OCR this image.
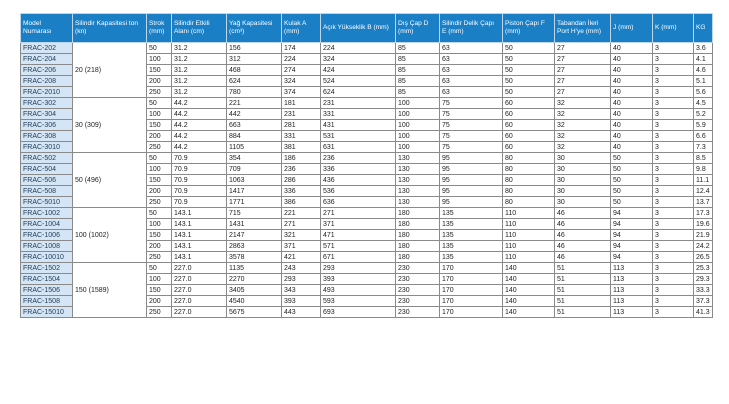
Model Numarası	Silindir Kapasitesi ton (kn)	Strok (mm)	Silindir Etkili Alanı (cm)	Yağ Kapasitesi (cm³)	Kulak A (mm)	Açık Yükseklik B (mm)	Dış Çap D (mm)	Silindir Delik Çapı E (mm)	Piston Çapı F (mm)	Tabandan İleri Port H'ye (mm)	J (mm)	K (mm)	KG
FRAC-202	20 (218)	50	31.2	156	174	224	85	63	50	27	40	3	3.6
FRAC-204		100	31.2	312	224	324	85	63	50	27	40	3	4.1
FRAC-206		150	31.2	468	274	424	85	63	50	27	40	3	4.6
FRAC-208		200	31.2	624	324	524	85	63	50	27	40	3	5.1
FRAC-2010		250	31.2	780	374	624	85	63	50	27	40	3	5.6
FRAC-302	30 (309)	50	44.2	221	181	231	100	75	60	32	40	3	4.5
FRAC-304		100	44.2	442	231	331	100	75	60	32	40	3	5.2
FRAC-306		150	44.2	663	281	431	100	75	60	32	40	3	5.9
FRAC-308		200	44.2	884	331	531	100	75	60	32	40	3	6.6
FRAC-3010		250	44.2	1105	381	631	100	75	60	32	40	3	7.3
FRAC-502	50 (496)	50	70.9	354	186	236	130	95	80	30	50	3	8.5
FRAC-504		100	70.9	709	236	336	130	95	80	30	50	3	9.8
FRAC-506		150	70.9	1063	286	436	130	95	80	30	50	3	11.1
FRAC-508		200	70.9	1417	336	536	130	95	80	30	50	3	12.4
FRAC-5010		250	70.9	1771	386	636	130	95	80	30	50	3	13.7
FRAC-1002	100 (1002)	50	143.1	715	221	271	180	135	110	46	94	3	17.3
FRAC-1004		100	143.1	1431	271	371	180	135	110	46	94	3	19.6
FRAC-1006		150	143.1	2147	321	471	180	135	110	46	94	3	21.9
FRAC-1008		200	143.1	2863	371	571	180	135	110	46	94	3	24.2
FRAC-10010		250	143.1	3578	421	671	180	135	110	46	94	3	26.5
FRAC-1502	150 (1589)	50	227.0	1135	243	293	230	170	140	51	113	3	25.3
FRAC-1504		100	227.0	2270	293	393	230	170	140	51	113	3	29.3
FRAC-1506		150	227.0	3405	343	493	230	170	140	51	113	3	33.3
FRAC-1508		200	227.0	4540	393	593	230	170	140	51	113	3	37.3
FRAC-15010		250	227.0	5675	443	693	230	170	140	51	113	3	41.3
